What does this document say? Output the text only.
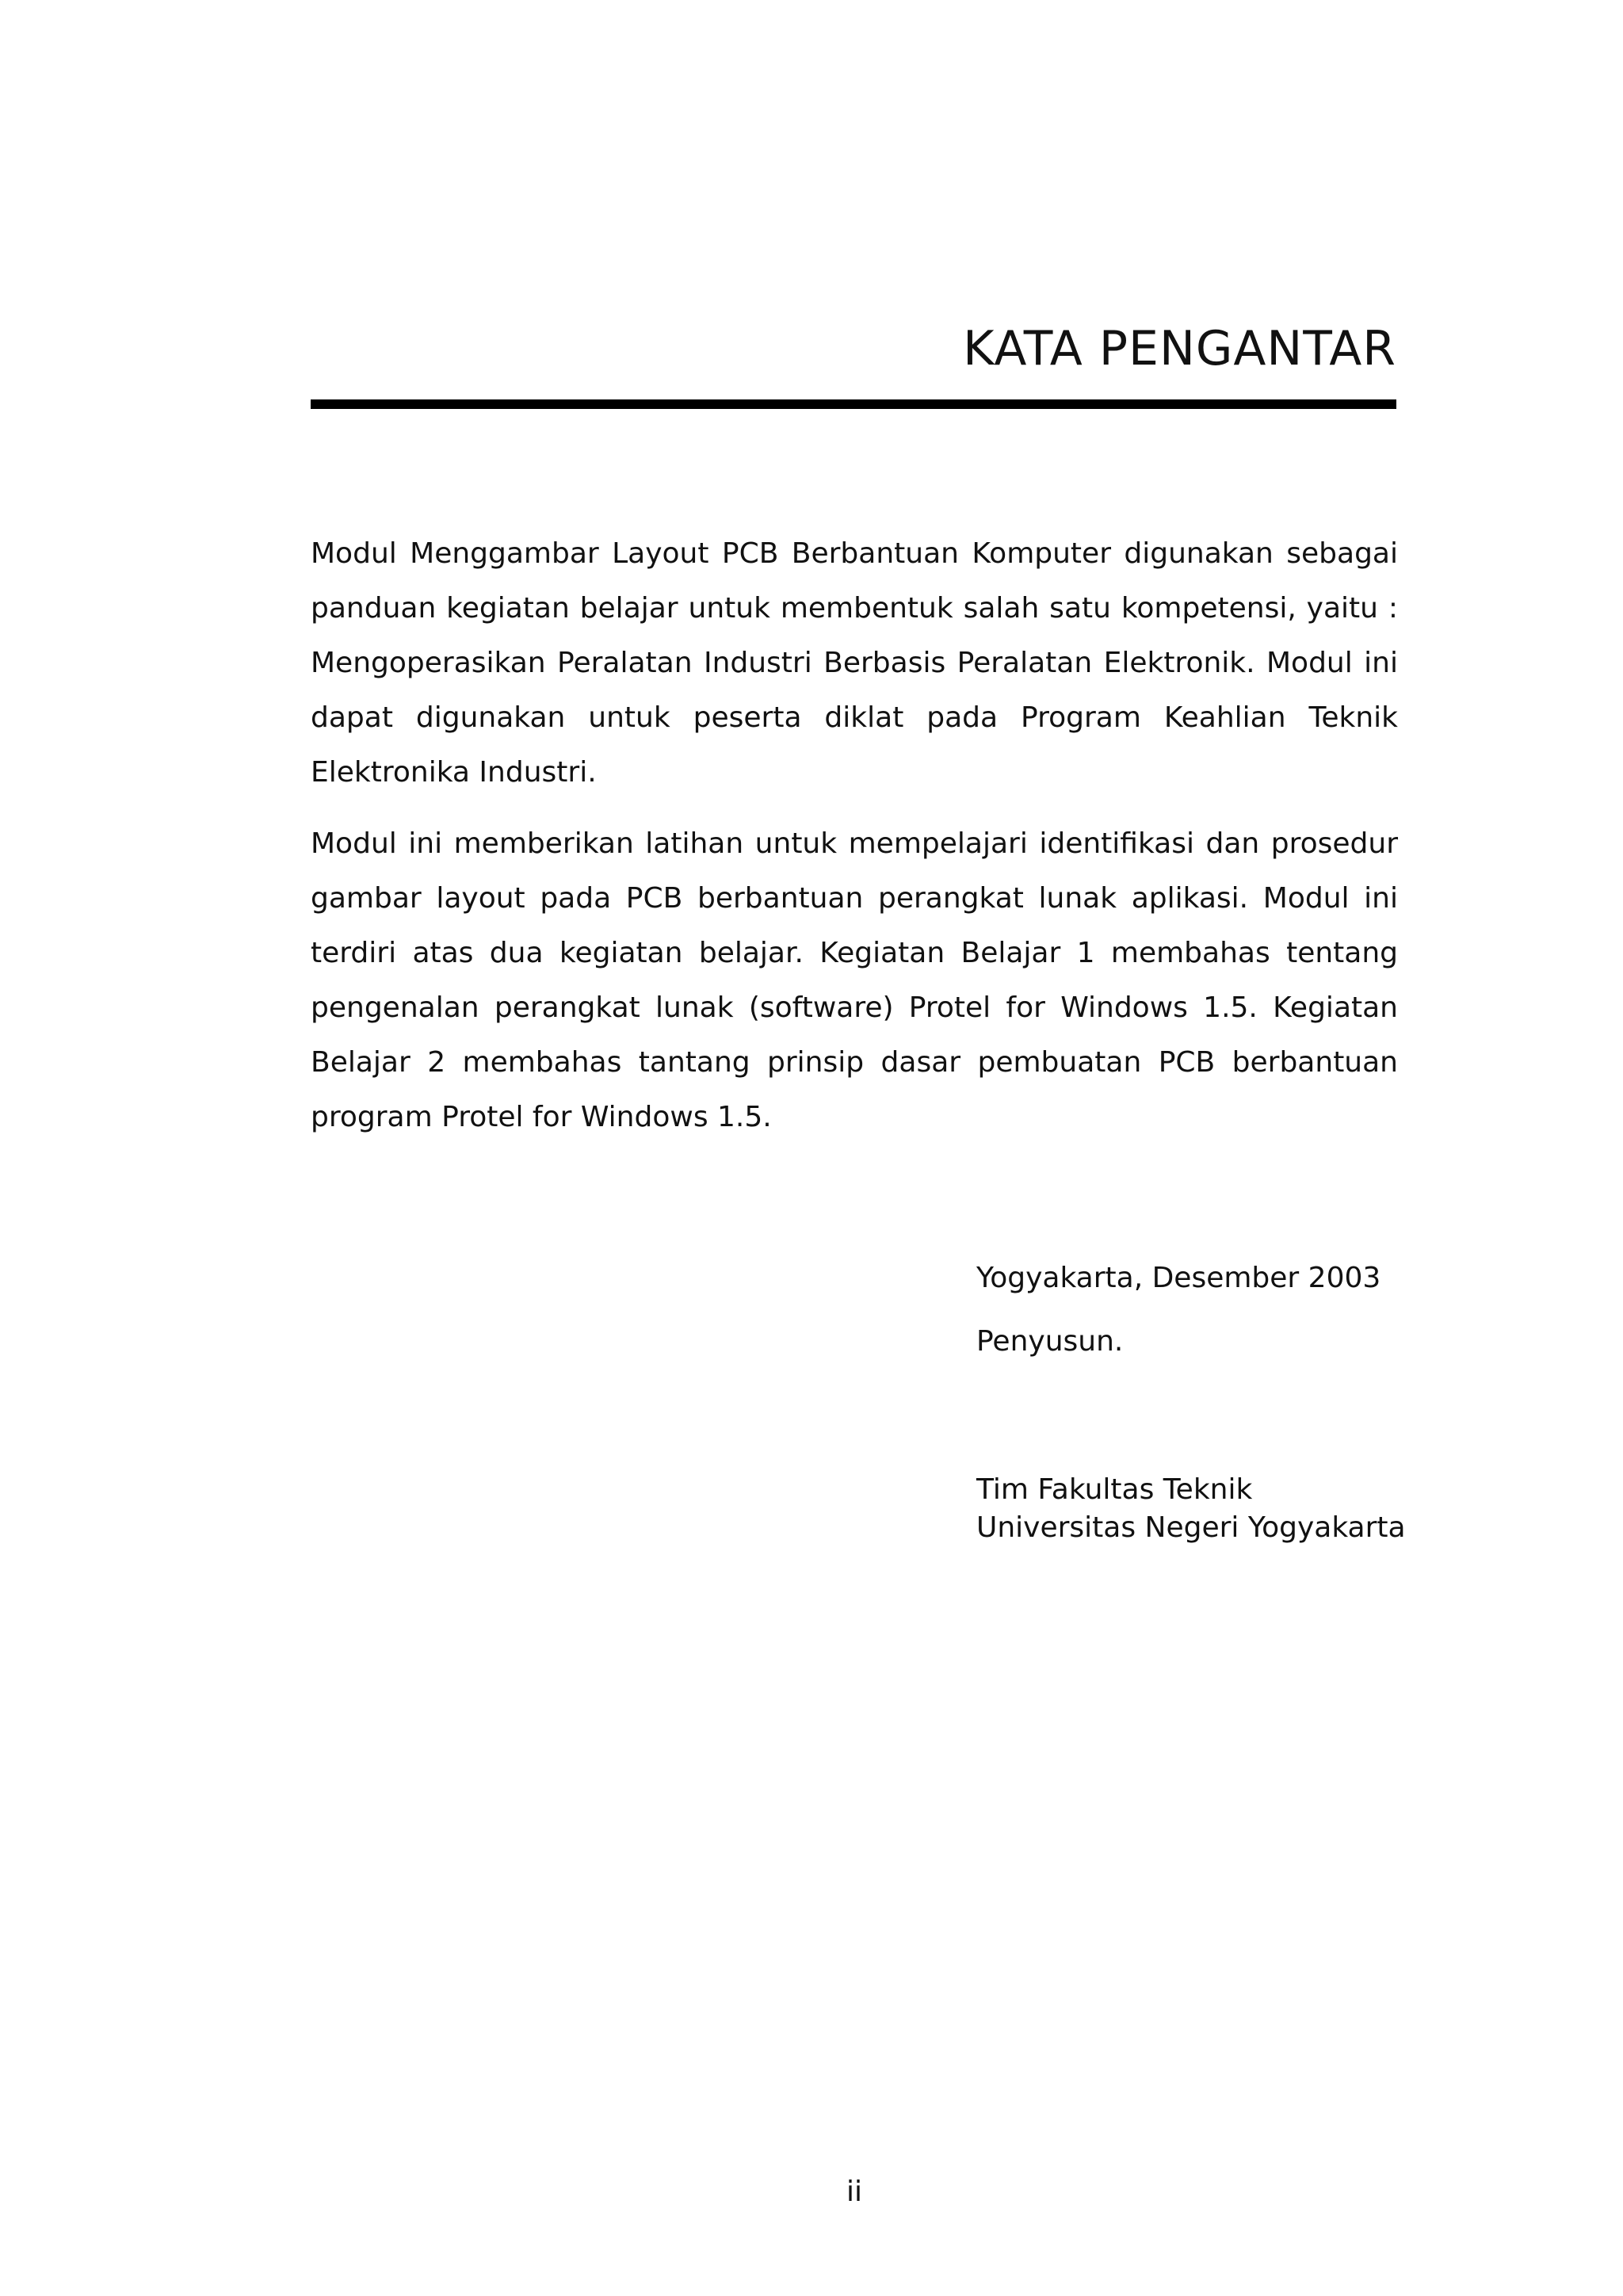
KATA PENGANTAR

Modul Menggambar Layout PCB Berbantuan Komputer digunakan sebagai panduan kegiatan belajar untuk membentuk salah satu kompetensi, yaitu : Mengoperasikan Peralatan Industri Berbasis Peralatan Elektronik. Modul ini dapat digunakan untuk peserta diklat pada Program Keahlian Teknik Elektronika Industri.

Modul ini memberikan latihan untuk mempelajari identifikasi dan prosedur gambar layout pada PCB berbantuan perangkat lunak aplikasi. Modul ini terdiri atas dua kegiatan belajar. Kegiatan Belajar 1 membahas tentang pengenalan perangkat lunak (software) Protel for Windows 1.5. Kegiatan Belajar 2 membahas tantang prinsip dasar pembuatan PCB berbantuan program Protel for Windows 1.5.

Yogyakarta, Desember 2003

Penyusun.

Tim Fakultas Teknik

Universitas Negeri Yogyakarta

ii
